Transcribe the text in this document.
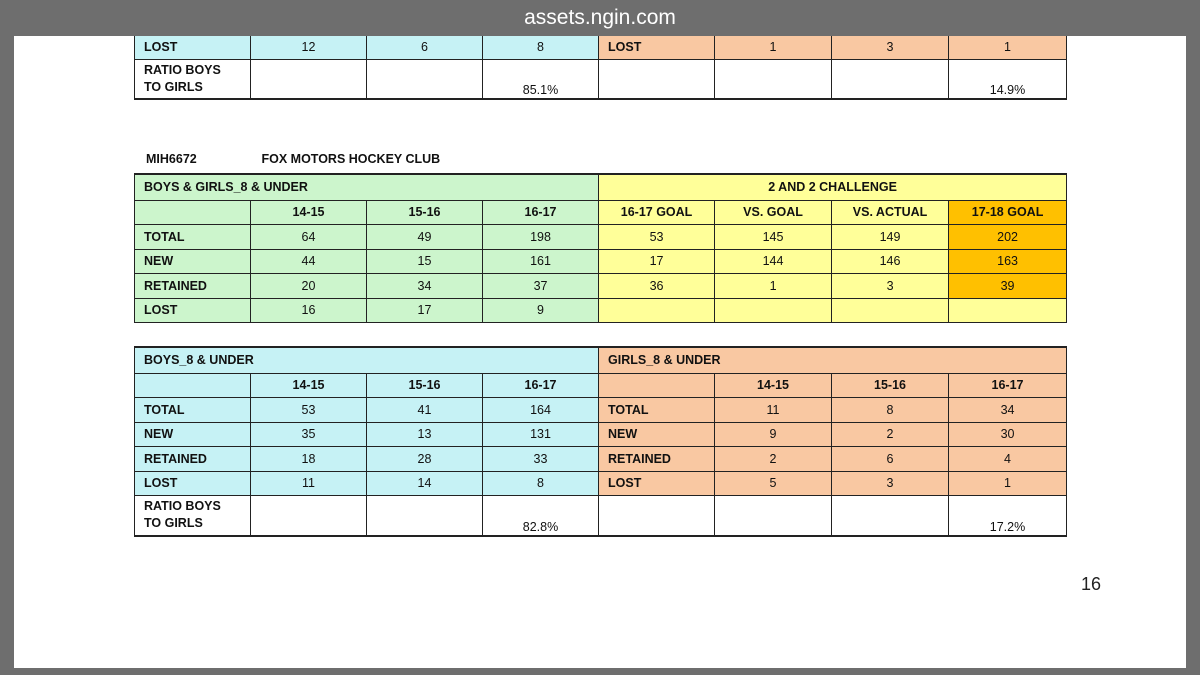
assets.ngin.com
LOST	12	6	8	LOST	1	3	1
RATIO BOYS
TO GIRLS			85.1%				14.9%
MIH6672	FOX MOTORS HOCKEY CLUB
BOYS & GIRLS_8 & UNDER				2 AND 2 CHALLENGE			
	14-15	15-16	16-17	16-17 GOAL	VS. GOAL	VS. ACTUAL	17-18 GOAL
TOTAL	64	49	198	53	145	149	202
NEW	44	15	161	17	144	146	163
RETAINED	20	34	37	36	1	3	39
LOST	16	17	9				
BOYS_8 & UNDER				GIRLS_8 & UNDER			
	14-15	15-16	16-17		14-15	15-16	16-17
TOTAL	53	41	164	TOTAL	11	8	34
NEW	35	13	131	NEW	9	2	30
RETAINED	18	28	33	RETAINED	2	6	4
LOST	11	14	8	LOST	5	3	1
RATIO BOYS
TO GIRLS			82.8%				17.2%
16
